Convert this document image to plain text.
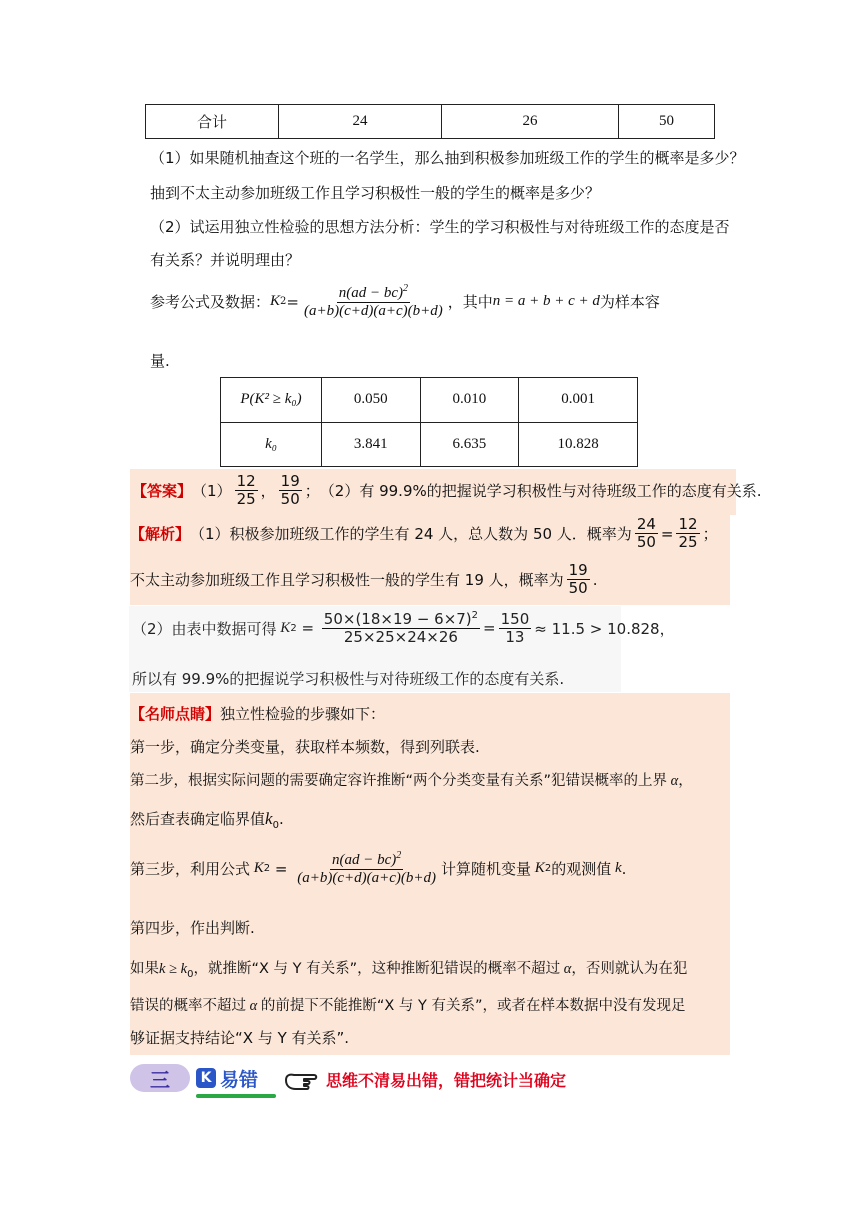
合计	24	26	50
（1）如果随机抽查这个班的一名学生，那么抽到积极参加班级工作的学生的概率是多少？
抽到不太主动参加班级工作且学习积极性一般的学生的概率是多少？
（2）试运用独立性检验的思想方法分析：学生的学习积极性与对待班级工作的态度是否
有关系？并说明理由？
参考公式及数据： K $2 = \frac{n(ad - bc)^2}{(a+b)(c+d)(a+c)(b+d)}$ ，其中 n = a + b + c + d 为样本容
量.
P(K² ≥ k₀)	0.050	0.010	0.001
k₀	3.841	6.635	10.828
【答案】 $(1) \frac{12}{25}$ ， $\frac{19}{50}$ ； （2）有 99.9%的把握说学习积极性与对待班级工作的态度有关系.
【解析】 （1）积极参加班级工作的学生有 24 人，总人数为 50 人．概率为 $\frac{24}{50} = \frac{12}{25}$ ；
不太主动参加班级工作且学习积极性一般的学生有 19 人，概率为 $\frac{19}{50}$ .
（2）由表中数据可得 K $2 = \frac{50\times(18\times 19 - 6\times 7)^2}{25\times 25\times 24\times 26} = \frac{150}{13} \approx 11.5 > 10.828$，
所以有 99.9%的把握说学习积极性与对待班级工作的态度有关系.
【名师点睛】独立性检验的步骤如下：
第一步，确定分类变量，获取样本频数，得到列联表.
第二步，根据实际问题的需要确定容许推断“两个分类变量有关系”犯错误概率的上界 α，
然后查表确定临界值$k_0$.
第三步，利用公式 K $2 = \frac{n(ad - bc)^2}{(a+b)(c+d)(a+c)(b+d)}$ 计算随机变量 K 2 的观测值 k .
第四步，作出判断.
如果$k \ge k_0$，就推断“X 与 Y 有关系”，这种推断犯错误的概率不超过 α，否则就认为在犯
错误的概率不超过 α 的前提下不能推断“X 与 Y 有关系”，或者在样本数据中没有发现足
够证据支持结论“X 与 Y 有关系”.
三 K 易错	思维不清易出错，错把统计当确定
